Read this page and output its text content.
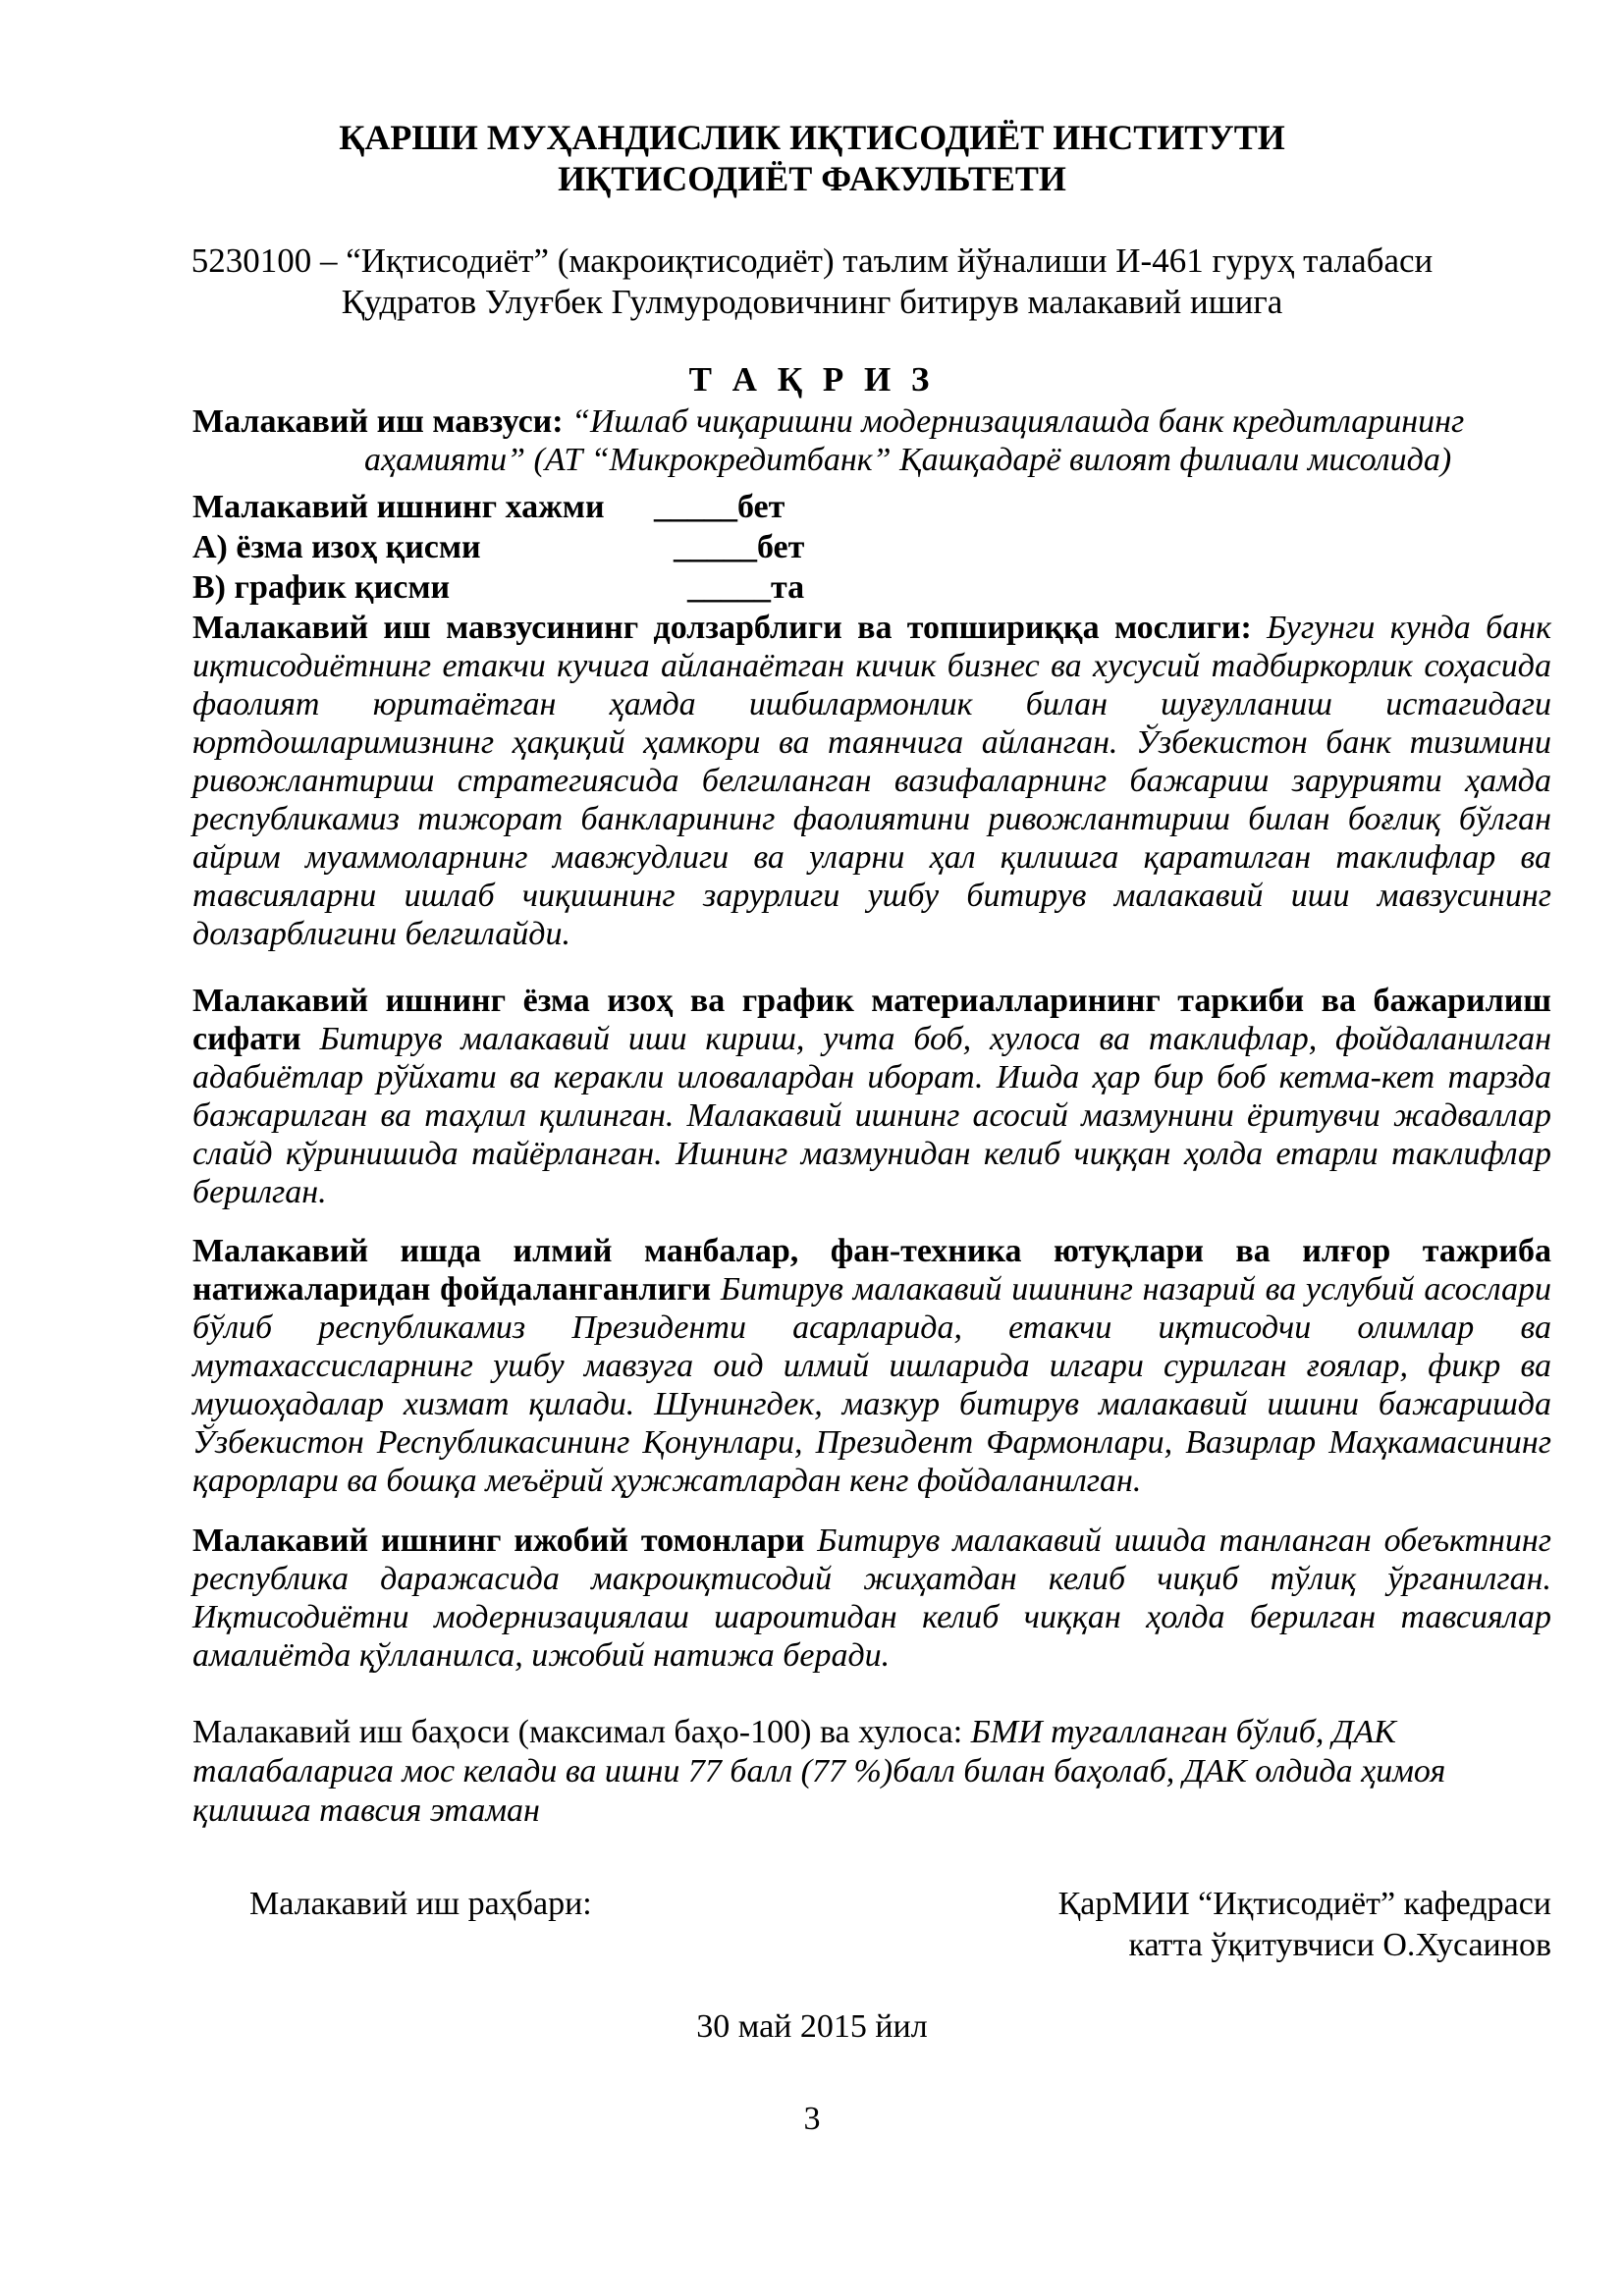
ҚАРШИ МУҲАНДИСЛИК ИҚТИСОДИЁТ ИНСТИТУТИ
ИҚТИСОДИЁТ ФАКУЛЬТЕТИ
5230100 – “Иқтисодиёт” (макроиқтисодиёт) таълим йўналиши И-461 гуруҳ талабаси
Қудратов Улуғбек Гулмуродовичнинг битирув малакавий ишига
Т А Қ Р И З
Малакавий иш мавзуси: “Ишлаб чиқаришни модернизациялашда банк кредитларининг
аҳамияти” (АТ “Микрокредитбанк” Қашқадарё вилоят филиали мисолида)
Малакавий ишнинг хажми _____бет
А) ёзма изоҳ қисми	_____бет
В) график қисми	_____та
Малакавий иш мавзусининг долзарблиги ва топшириққа мослиги: Бугунги кунда банк иқтисодиётнинг етакчи кучига айланаётган кичик бизнес ва хусусий тадбиркорлик соҳасида фаолият юритаётган ҳамда ишбилармонлик билан шуғулланиш истагидаги юртдошларимизнинг ҳақиқий ҳамкори ва таянчига айланган. Ўзбекистон банк тизимини ривожлантириш стратегиясида белгиланган вазифаларнинг бажариш зарурияти ҳамда республикамиз тижорат банкларининг фаолиятини ривожлантириш билан боғлиқ бўлган айрим муаммоларнинг мавжудлиги ва уларни ҳал қилишга қаратилган таклифлар ва тавсияларни ишлаб чиқишнинг зарурлиги ушбу битирув малакавий иши мавзусининг долзарблигини белгилайди.
Малакавий ишнинг ёзма изоҳ ва график материалларининг таркиби ва бажарилиш сифати Битирув малакавий иши кириш, учта боб, хулоса ва таклифлар, фойдаланилган адабиётлар рўйхати ва керакли иловалардан иборат. Ишда ҳар бир боб кетма-кет тарзда бажарилган ва таҳлил қилинган. Малакавий ишнинг асосий мазмунини ёритувчи жадваллар слайд кўринишида тайёрланган. Ишнинг мазмунидан келиб чиққан ҳолда етарли таклифлар берилган.
Малакавий ишда илмий манбалар, фан-техника ютуқлари ва илғор тажриба натижаларидан фойдаланганлиги Битирув малакавий ишининг назарий ва услубий асослари бўлиб республикамиз Президенти асарларида, етакчи иқтисодчи олимлар ва мутахассисларнинг ушбу мавзуга оид илмий ишларида илгари сурилган ғоялар, фикр ва мушоҳадалар хизмат қилади. Шунингдек, мазкур битирув малакавий ишини бажаришда Ўзбекистон Республикасининг Қонунлари, Президент Фармонлари, Вазирлар Маҳкамасининг қарорлари ва бошқа меъёрий ҳужжатлардан кенг фойдаланилган.
Малакавий ишнинг ижобий томонлари Битирув малакавий ишида танланган обеъктнинг республика даражасида макроиқтисодий жиҳатдан келиб чиқиб тўлиқ ўрганилган. Иқтисодиётни модернизациялаш шароитидан келиб чиққан ҳолда берилган тавсиялар амалиётда қўлланилса, ижобий натижа беради.
Малакавий иш баҳоси (максимал баҳо-100) ва хулоса: БМИ тугалланган бўлиб, ДАК талабаларига мос келади ва ишни 77 балл (77 %)балл билан баҳолаб, ДАК олдида ҳимоя қилишга тавсия этаман
Малакавий иш раҳбари:	ҚарМИИ “Иқтисодиёт” кафедраси
катта ўқитувчиси О.Хусаинов
30 май 2015 йил
3
